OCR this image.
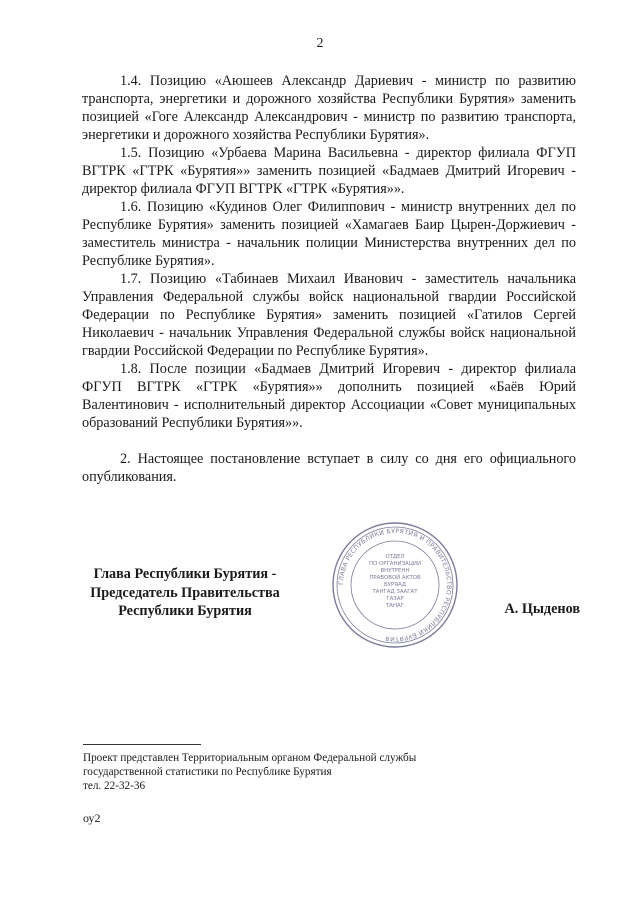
2

1.4. Позицию «Аюшеев Александр Дариевич - министр по развитию транспорта, энергетики и дорожного хозяйства Республики Бурятия» заменить позицией «Гогe Александр Александрович - министр по развитию транспорта, энергетики и дорожного хозяйства Республики Бурятия».

1.5. Позицию «Урбаева Марина Васильевна - директор филиала ФГУП ВГТРК «ГТРК «Бурятия»» заменить позицией «Бадмаев Дмитрий Игоревич - директор филиала ФГУП ВГТРК «ГТРК «Бурятия»».

1.6. Позицию «Кудинов Олег Филиппович - министр внутренних дел по Республике Бурятия» заменить позицией «Хамагаев Баир Цырен-Доржиевич - заместитель министра - начальник полиции Министерства внутренних дел по Республике Бурятия».

1.7. Позицию «Табинаев Михаил Иванович - заместитель начальника Управления Федеральной службы войск национальной гвардии Российской Федерации по Республике Бурятия» заменить позицией «Гатилов Сергей Николаевич - начальник Управления Федеральной службы войск национальной гвардии Российской Федерации по Республике Бурятия».

1.8. После позиции «Бадмаев Дмитрий Игоревич - директор филиала ФГУП ВГТРК «ГТРК «Бурятия»» дополнить позицией «Баёв Юрий Валентинович - исполнительный директор Ассоциации «Совет муниципальных образований Республики Бурятия»».

2. Настоящее постановление вступает в силу со дня его официального опубликования.

Глава Республики Бурятия -
Председатель Правительства
Республики Бурятия
ГЛАВА РЕСПУБЛИКИ БУРЯТИЯ И ПРАВИТЕЛЬСТВО РЕСПУБЛИКИ БУРЯТИЯ
ОТДЕЛ
ПО ОРГАНИЗАЦИИ
ВНУТРЕНН
ПРАВОВОЙ АКТОВ
БУРЯАД
ТАНГАД ЗААГАТ
ГАЗАР
ТАНАГ	А. Цыденов
Проект представлен Территориальным органом Федеральной службы
государственной статистики по Республике Бурятия
тел. 22-32-36
оу2
